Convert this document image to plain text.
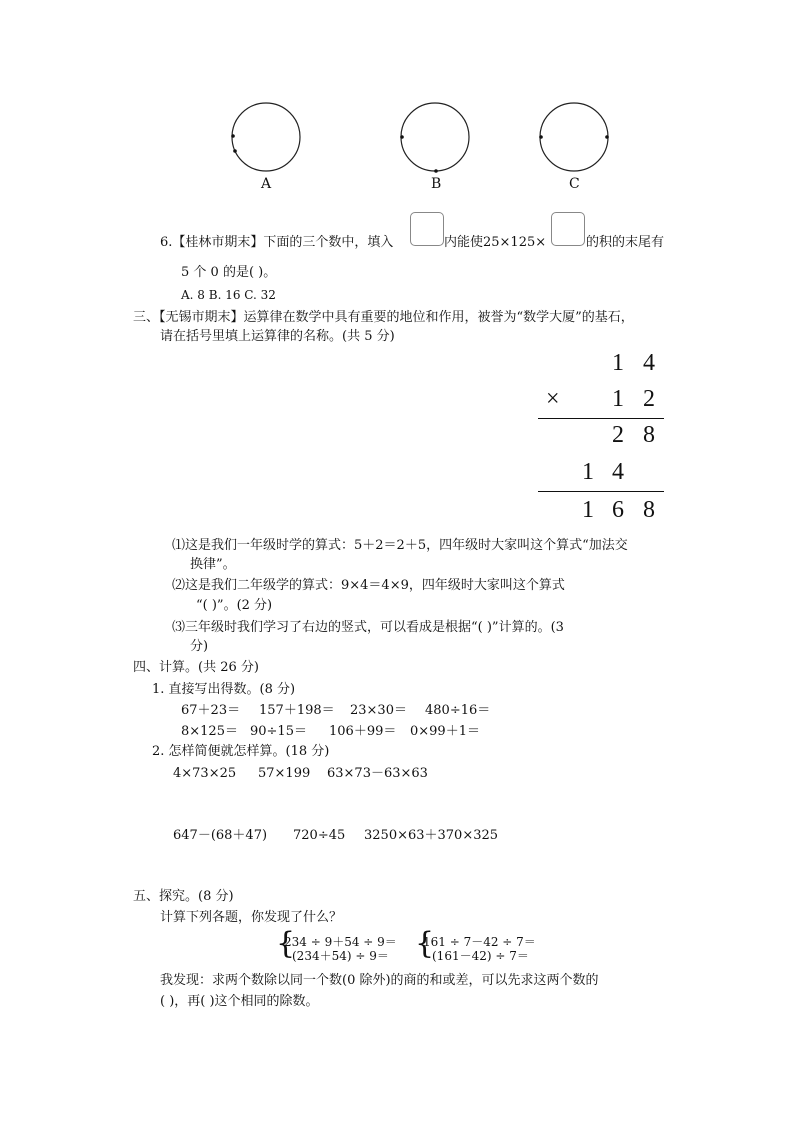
A	B	C
6.【桂林市期末】下面的三个数中，填入	内能使25×125×	的积的末尾有
5 个 0 的是( )。
A. 8 B. 16 C. 32
三、【无锡市期末】运算律在数学中具有重要的地位和作用，被誉为“数学大厦”的基石，
请在括号里填上运算律的名称。(共 5 分)
1 4
× 1 2
2 8
1 4
1 6 8
⑴这是我们一年级时学的算式：5＋2＝2＋5，四年级时大家叫这个算式“加法交
换律”。
⑵这是我们二年级学的算式：9×4＝4×9，四年级时大家叫这个算式
“( )”。(2 分)
⑶三年级时我们学习了右边的竖式，可以看成是根据“( )”计算的。(3
分)
四、计算。(共 26 分)
1. 直接写出得数。(8 分)
67＋23＝ 157＋198＝ 23×30＝ 480÷16＝
8×125＝ 90÷15＝ 106＋99＝ 0×99＋1＝
2. 怎样简便就怎样算。(18 分)
4×73×25 57×199 63×73－63×63
647－(68＋47) 720÷45 3250×63＋370×325
五、探究。(8 分)
计算下列各题，你发现了什么？
{
234 ÷ 9＋54 ÷ 9＝
(234＋54) ÷ 9＝ {
161 ÷ 7－42 ÷ 7＝
(161－42) ÷ 7＝
我发现：求两个数除以同一个数(0 除外)的商的和或差，可以先求这两个数的
( )，再( )这个相同的除数。
